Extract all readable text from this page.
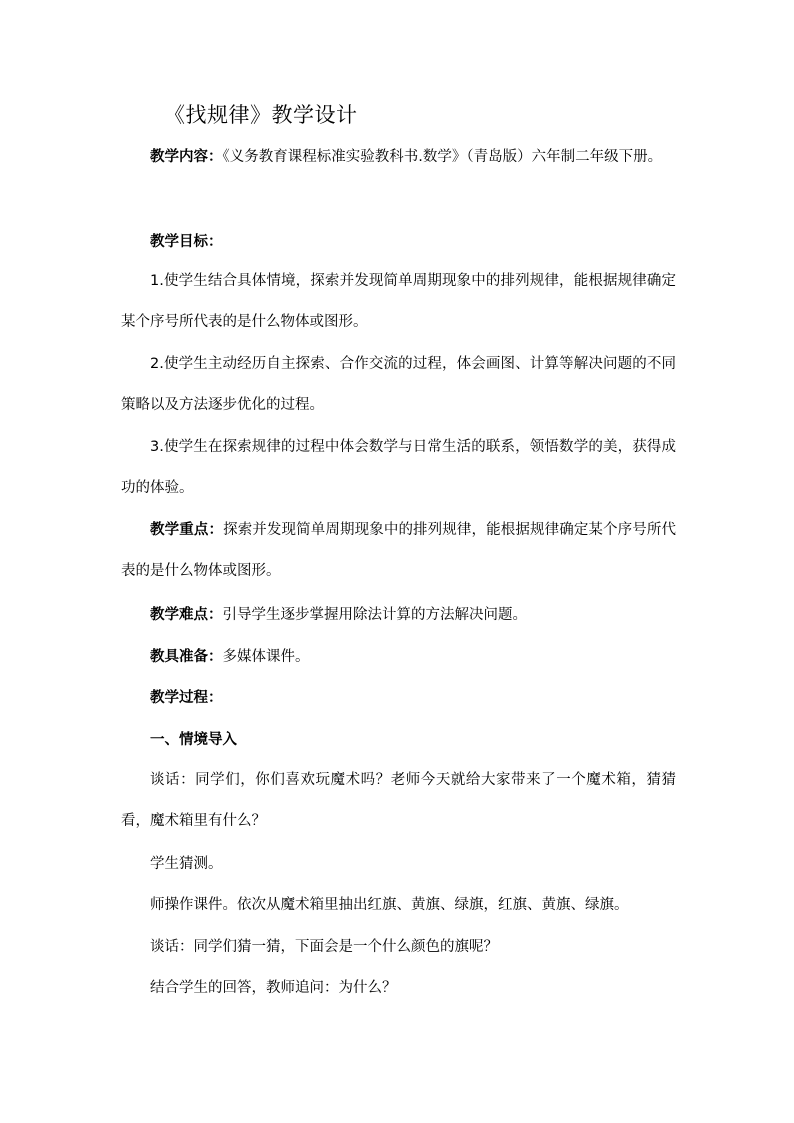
《找规律》教学设计
教学内容：《义务教育课程标准实验教科书.数学》（青岛版）六年制二年级下册。
教学目标：
1.使学生结合具体情境，探索并发现简单周期现象中的排列规律，能根据规律确定某个序号所代表的是什么物体或图形。
2.使学生主动经历自主探索、合作交流的过程，体会画图、计算等解决问题的不同策略以及方法逐步优化的过程。
3.使学生在探索规律的过程中体会数学与日常生活的联系，领悟数学的美，获得成功的体验。
教学重点：探索并发现简单周期现象中的排列规律，能根据规律确定某个序号所代表的是什么物体或图形。
教学难点：引导学生逐步掌握用除法计算的方法解决问题。
教具准备：多媒体课件。
教学过程：
一、情境导入
谈话：同学们，你们喜欢玩魔术吗？老师今天就给大家带来了一个魔术箱，猜猜看，魔术箱里有什么？
学生猜测。
师操作课件。依次从魔术箱里抽出红旗、黄旗、绿旗，红旗、黄旗、绿旗。
谈话：同学们猜一猜，下面会是一个什么颜色的旗呢？
结合学生的回答，教师追问：为什么？
